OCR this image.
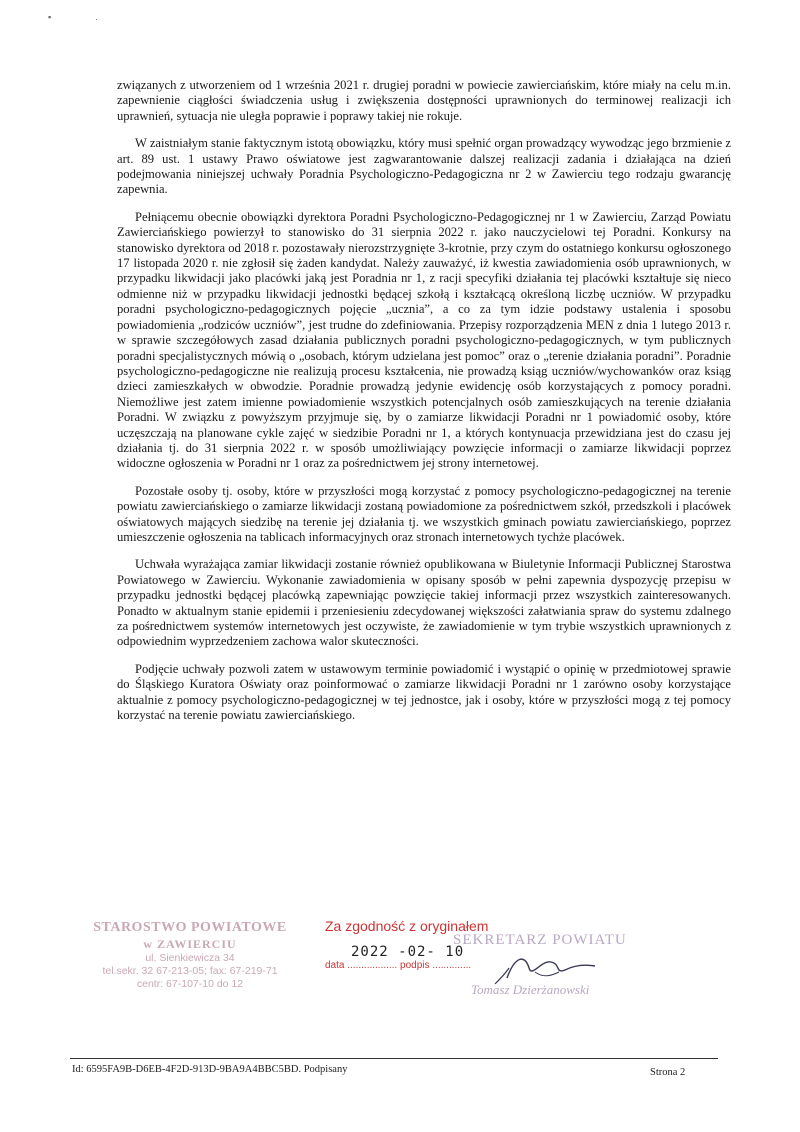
▪	·

związanych z utworzeniem od 1 września 2021 r. drugiej poradni w powiecie zawierciańskim, które miały na celu m.in. zapewnienie ciągłości świadczenia usług i zwiększenia dostępności uprawnionych do terminowej realizacji ich uprawnień, sytuacja nie uległa poprawie i poprawy takiej nie rokuje.

W zaistniałym stanie faktycznym istotą obowiązku, który musi spełnić organ prowadzący wywodząc jego brzmienie z art. 89 ust. 1 ustawy Prawo oświatowe jest zagwarantowanie dalszej realizacji zadania i działająca na dzień podejmowania niniejszej uchwały Poradnia Psychologiczno-Pedagogiczna nr 2 w Zawierciu tego rodzaju gwarancję zapewnia.

Pełniącemu obecnie obowiązki dyrektora Poradni Psychologiczno-Pedagogicznej nr 1 w Zawierciu, Zarząd Powiatu Zawierciańskiego powierzył to stanowisko do 31 sierpnia 2022 r. jako nauczycielowi tej Poradni. Konkursy na stanowisko dyrektora od 2018 r. pozostawały nierozstrzygnięte 3-krotnie, przy czym do ostatniego konkursu ogłoszonego 17 listopada 2020 r. nie zgłosił się żaden kandydat. Należy zauważyć, iż kwestia zawiadomienia osób uprawnionych, w przypadku likwidacji jako placówki jaką jest Poradnia nr 1, z racji specyfiki działania tej placówki kształtuje się nieco odmienne niż w przypadku likwidacji jednostki będącej szkołą i kształcącą określoną liczbę uczniów. W przypadku poradni psychologiczno-pedagogicznych pojęcie „ucznia”, a co za tym idzie podstawy ustalenia i sposobu powiadomienia „rodziców uczniów”, jest trudne do zdefiniowania. Przepisy rozporządzenia MEN z dnia 1 lutego 2013 r. w sprawie szczegółowych zasad działania publicznych poradni psychologiczno-pedagogicznych, w tym publicznych poradni specjalistycznych mówią o „osobach, którym udzielana jest pomoc” oraz o „terenie działania poradni”. Poradnie psychologiczno-pedagogiczne nie realizują procesu kształcenia, nie prowadzą ksiąg uczniów/wychowanków oraz ksiąg dzieci zamieszkałych w obwodzie. Poradnie prowadzą jedynie ewidencję osób korzystających z pomocy poradni. Niemożliwe jest zatem imienne powiadomienie wszystkich potencjalnych osób zamieszkujących na terenie działania Poradni. W związku z powyższym przyjmuje się, by o zamiarze likwidacji Poradni nr 1 powiadomić osoby, które uczęszczają na planowane cykle zajęć w siedzibie Poradni nr 1, a których kontynuacja przewidziana jest do czasu jej działania tj. do 31 sierpnia 2022 r. w sposób umożliwiający powzięcie informacji o zamiarze likwidacji poprzez widoczne ogłoszenia w Poradni nr 1 oraz za pośrednictwem jej strony internetowej.

Pozostałe osoby tj. osoby, które w przyszłości mogą korzystać z pomocy psychologiczno-pedagogicznej na terenie powiatu zawierciańskiego o zamiarze likwidacji zostaną powiadomione za pośrednictwem szkół, przedszkoli i placówek oświatowych mających siedzibę na terenie jej działania tj. we wszystkich gminach powiatu zawierciańskiego, poprzez umieszczenie ogłoszenia na tablicach informacyjnych oraz stronach internetowych tychże placówek.

Uchwała wyrażająca zamiar likwidacji zostanie również opublikowana w Biuletynie Informacji Publicznej Starostwa Powiatowego w Zawierciu. Wykonanie zawiadomienia w opisany sposób w pełni zapewnia dyspozycję przepisu w przypadku jednostki będącej placówką zapewniając powzięcie takiej informacji przez wszystkich zainteresowanych. Ponadto w aktualnym stanie epidemii i przeniesieniu zdecydowanej większości załatwiania spraw do systemu zdalnego za pośrednictwem systemów internetowych jest oczywiste, że zawiadomienie w tym trybie wszystkich uprawnionych z odpowiednim wyprzedzeniem zachowa walor skuteczności.

Podjęcie uchwały pozwoli zatem w ustawowym terminie powiadomić i wystąpić o opinię w przedmiotowej sprawie do Śląskiego Kuratora Oświaty oraz poinformować o zamiarze likwidacji Poradni nr 1 zarówno osoby korzystające aktualnie z pomocy psychologiczno-pedagogicznej w tej jednostce, jak i osoby, które w przyszłości mogą z tej pomocy korzystać na terenie powiatu zawierciańskiego.

STAROSTWO POWIATOWE
w ZAWIERCIU
ul. Sienkiewicza 34
tel.sekr. 32 67-213-05; fax: 67-219-71
centr: 67-107-10 do 12
Za zgodność z oryginałem
SEKRETARZ POWIATU
2022 -02- 10
data .................. podpis ..............
Tomasz Dzierżanowski
Id: 6595FA9B-D6EB-4F2D-913D-9BA9A4BBC5BD. Podpisany	Strona 2
